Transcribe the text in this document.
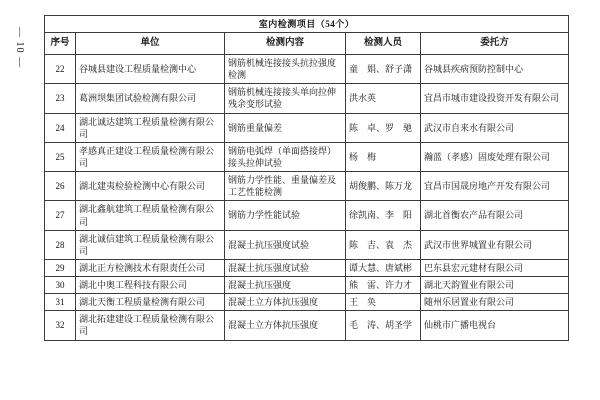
— 10 —
室内检测项目（54个）				
序号	单位	检测内容	检测人员	委托方
22	谷城县建设工程质量检测中心	钢筋机械连接接头抗拉强度检测	童　娟、舒子潇	谷城县疾病预防控制中心
23	葛洲坝集团试验检测有限公司	钢筋机械连接接头单向拉伸残余变形试验	洪水英	宜昌市城市建设投资开发有限公司
24	湖北诚达建筑工程质量检测有限公司	钢筋重量偏差	陈　卓、罗　驰	武汉市自来水有限公司
25	孝感真正建设工程质量检测有限公司	钢筋电弧焊（单面搭接焊）接头拉伸试验	杨　梅	瀚蓝（孝感）固废处理有限公司
26	湖北建夷检验检测中心有限公司	钢筋力学性能、重量偏差及工艺性能检测	胡俊鹏、陈万龙	宜昌市国晟房地产开发有限公司
27	湖北鑫航建筑工程质量检测有限公司	钢筋力学性能试验	徐凯南、李　阳	湖北首衡农产品有限公司
28	湖北诚信建筑工程质量检测有限公司	混凝土抗压强度试验	陈　吉、袁　杰	武汉市世界城置业有限公司
29	湖北正方检测技术有限责任公司	混凝土抗压强度试验	谭大慧、唐斌彬	巴东县宏元建材有限公司
30	湖北中奥工程科技有限公司	混凝土抗压强度	熊　雷、许力才	湖北天韵置业有限公司
31	湖北天衡工程质量检测有限公司	混凝土立方体抗压强度	王　奂	随州乐居置业有限公司
32	湖北拓建建设工程质量检测有限公司	混凝土立方体抗压强度	毛　涛、胡圣学	仙桃市广播电视台
